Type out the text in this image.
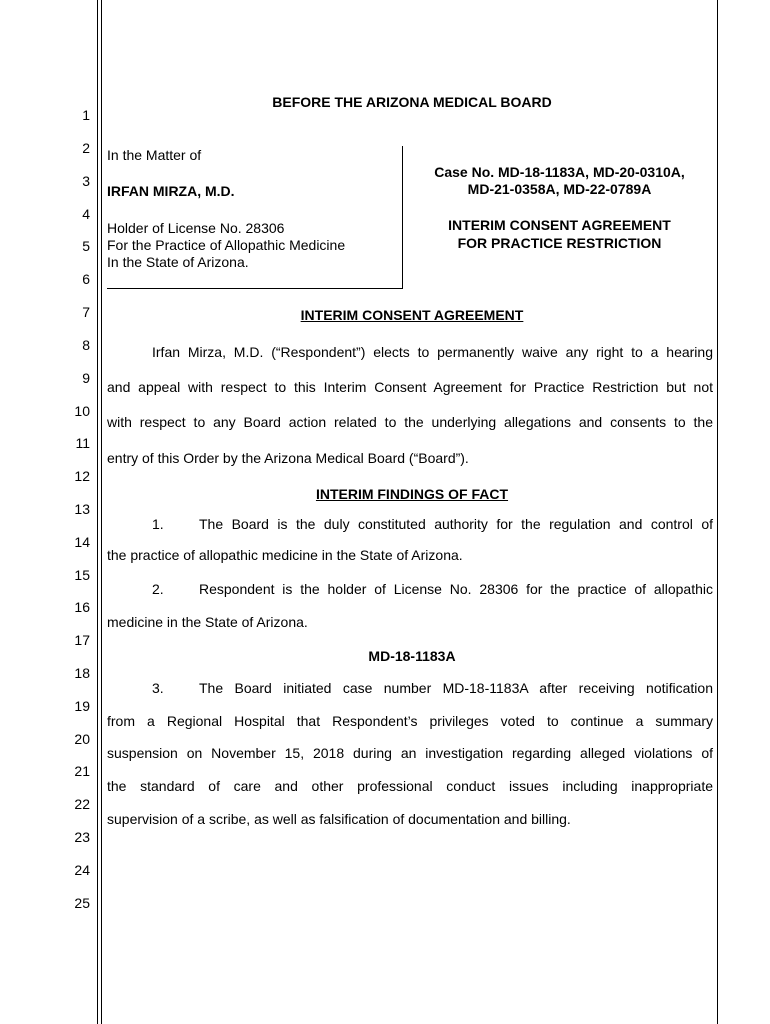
1
2
3
4
5
6
7
8
9
10
11
12
13
14
15
16
17
18
19
20
21
22
23
24
25
BEFORE THE ARIZONA MEDICAL BOARD
In the Matter of
IRFAN MIRZA, M.D.
Holder of License No. 28306
For the Practice of Allopathic Medicine
In the State of Arizona.
Case No. MD-18-1183A, MD-20-0310A,
MD-21-0358A, MD-22-0789A
INTERIM CONSENT AGREEMENT
FOR PRACTICE RESTRICTION
INTERIM CONSENT AGREEMENT
Irfan Mirza, M.D. (“Respondent”) elects to permanently waive any right to a hearing
and appeal with respect to this Interim Consent Agreement for Practice Restriction but not
with respect to any Board action related to the underlying allegations and consents to the
entry of this Order by the Arizona Medical Board (“Board”).
INTERIM FINDINGS OF FACT
1.	The Board is the duly constituted authority for the regulation and control of
the practice of allopathic medicine in the State of Arizona.
2.	Respondent is the holder of License No. 28306 for the practice of allopathic
medicine in the State of Arizona.
MD-18-1183A
3.	The Board initiated case number MD-18-1183A after receiving notification
from a Regional Hospital that Respondent’s privileges voted to continue a summary
suspension on November 15, 2018 during an investigation regarding alleged violations of
the standard of care and other professional conduct issues including inappropriate
supervision of a scribe, as well as falsification of documentation and billing.
